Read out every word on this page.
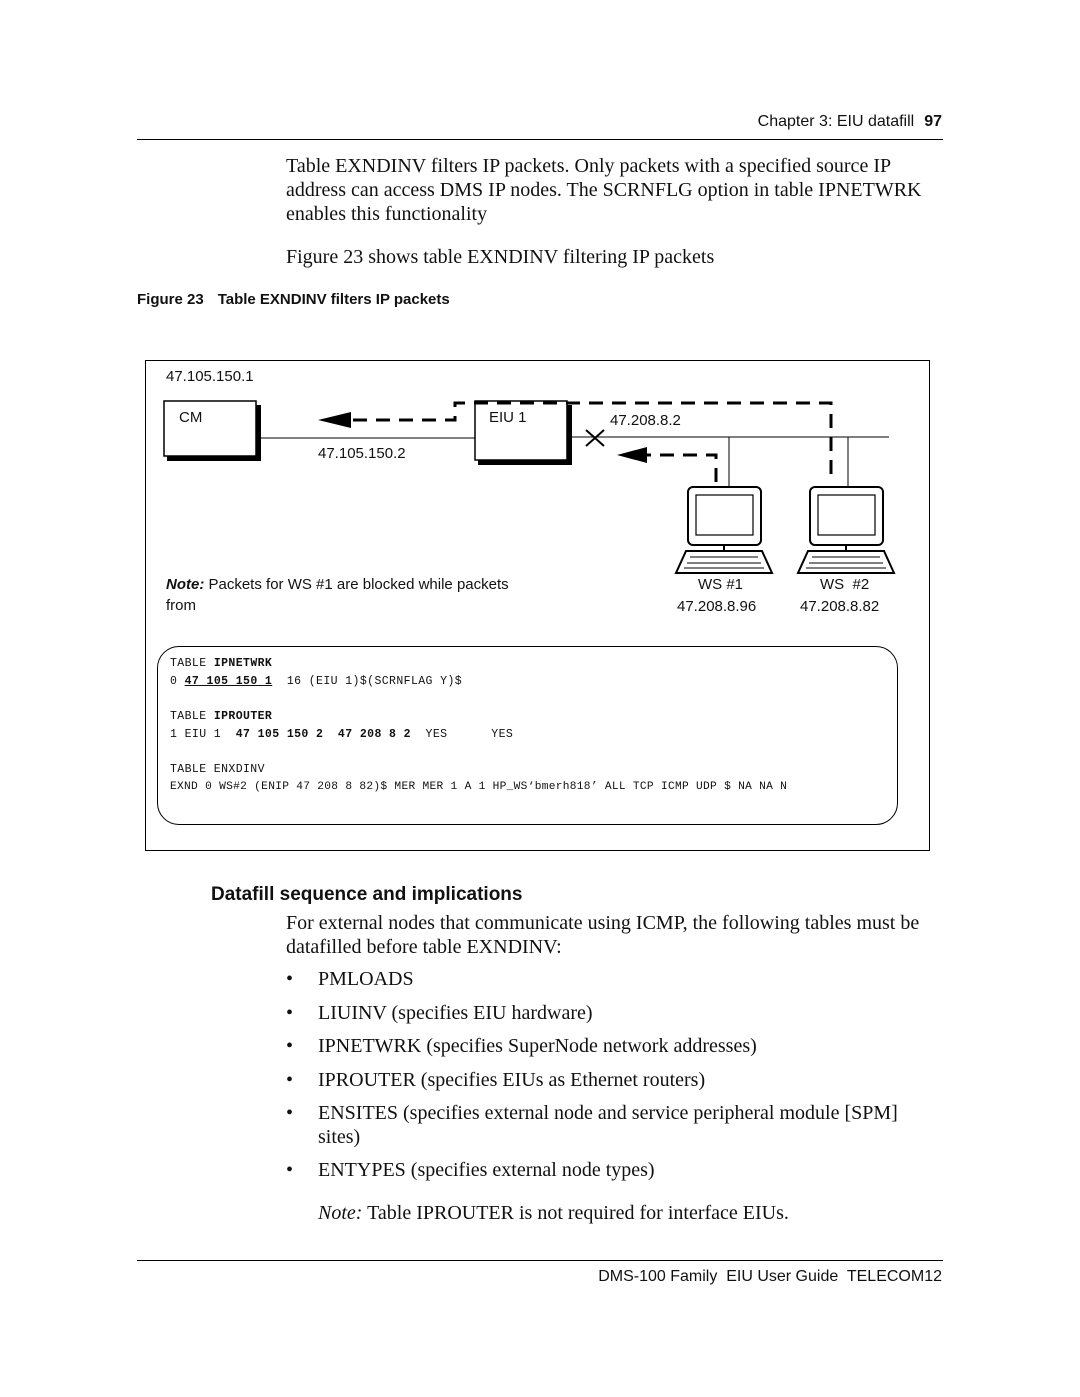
Chapter 3: EIU datafill 97
Table EXNDINV filters IP packets. Only packets with a specified source IP address can access DMS IP nodes. The SCRNFLG option in table IPNETWRK enables this functionality
Figure 23 shows table EXNDINV filtering IP packets
Figure 23 Table EXNDINV filters IP packets
47.105.150.1
CM	EIU 1
47.105.150.2
47.208.8.2
WS #1
47.208.8.96
WS  #2
47.208.8.82
Note: Packets for WS #1 are blocked while packets
from
TABLE IPNETWRK
0 47 105 150 1  16 (EIU 1)$(SCRNFLAG Y)$
TABLE IPROUTER
1 EIU 1  47 105 150 2  47 208 8 2  YES      YES
TABLE ENXDINV
EXND 0 WS#2 (ENIP 47 208 8 82)$ MER MER 1 A 1 HP_WS‘bmerh818’ ALL TCP ICMP UDP $ NA NA N
Datafill sequence and implications
For external nodes that communicate using ICMP, the following tables must be datafilled before table EXNDINV:
• PMLOADS
• LIUINV (specifies EIU hardware)
• IPNETWRK (specifies SuperNode network addresses)
• IPROUTER (specifies EIUs as Ethernet routers)
• ENSITES (specifies external node and service peripheral module [SPM] sites)
• ENTYPES (specifies external node types)
Note: Table IPROUTER is not required for interface EIUs.
DMS-100 Family  EIU User Guide  TELECOM12
